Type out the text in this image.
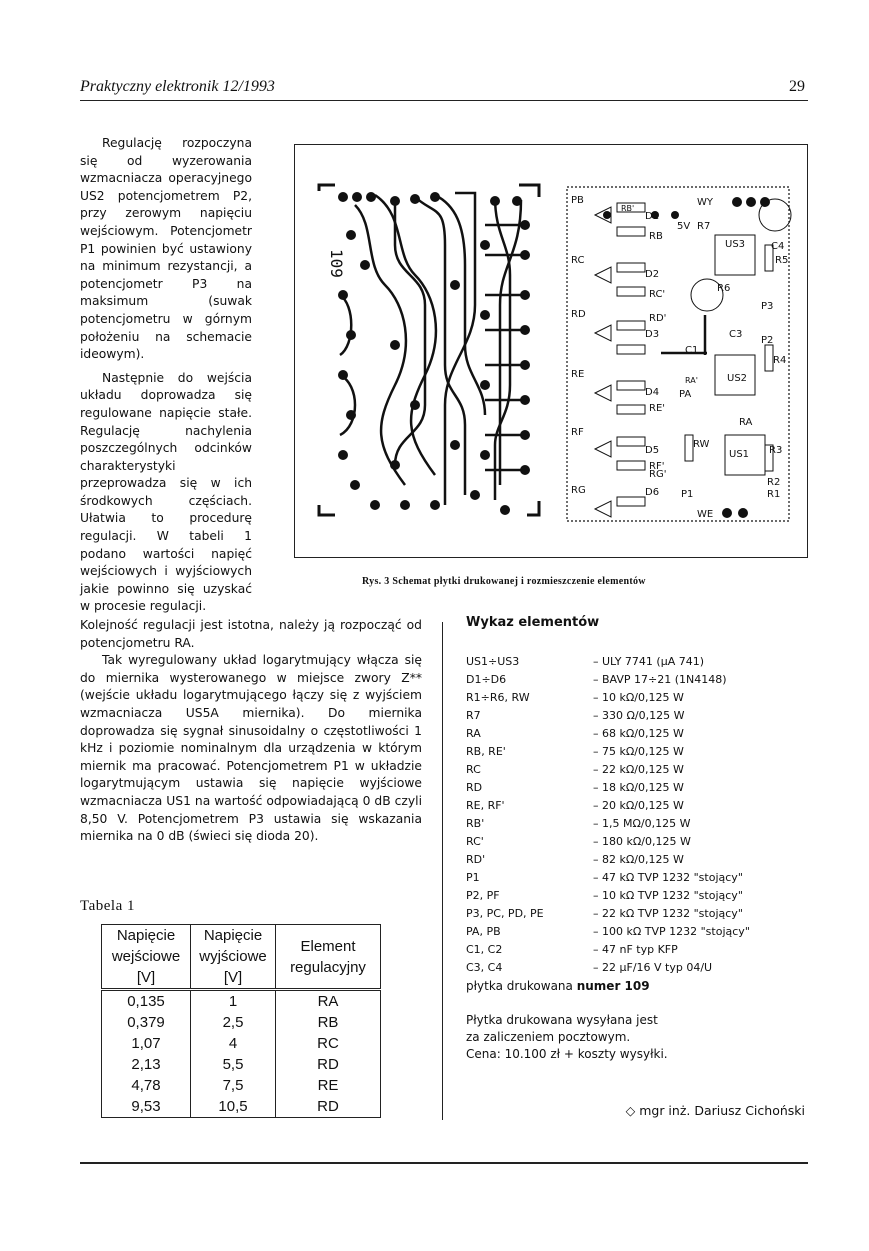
Praktyczny elektronik 12/1993	29

Regulację rozpoczyna się od wyzerowania wzmacniacza operacyjnego US2 potencjometrem P2, przy zerowym napięciu wejściowym. Potencjometr P1 powinien być ustawiony na minimum rezystancji, a potencjometr P3 na maksimum (suwak potencjometru w górnym położeniu na schemacie ideowym).

Następnie do wejścia układu doprowadza się regulowane napięcie stałe. Regulację nachylenia poszczególnych odcinków charakterystyki przeprowadza się w ich środkowych częściach. Ułatwia to procedurę regulacji. W tabeli 1 podano wartości napięć wejściowych i wyjściowych jakie powinno się uzyskać w procesie regulacji.

109
PB
RB'
WY
5V R7
RB
US3	C4
R5
RC
D2
RC'
R6
P3
RD	RD'
D3
C1
C3
P2
R4
RE
D4
RE'
US2
PA
RA
RF
D5
RF'
RW
US1 R3
RG
RG'
D6 P1
R2
R1
WE
D1
RA'
Rys. 3 Schemat płytki drukowanej i rozmieszczenie elementów

Kolejność regulacji jest istotna, należy ją rozpocząć od potencjometru RA.

Tak wyregulowany układ logarytmujący włącza się do miernika wysterowanego w miejsce zwory Z** (wejście układu logarytmującego łączy się z wyjściem wzmacniacza US5A miernika). Do miernika doprowadza się sygnał sinusoidalny o częstotliwości 1 kHz i poziomie nominalnym dla urządzenia w którym miernik ma pracować. Potencjometrem P1 w układzie logarytmującym ustawia się napięcie wyjściowe wzmacniacza US1 na wartość odpowiadającą 0 dB czyli 8,50 V. Potencjometrem P3 ustawia się wskazania miernika na 0 dB (świeci się dioda 20).

Tabela 1
Napięcie wejściowe [V]	Napięcie wyjściowe [V]	Element regulacyjny
0,135	1	RA
0,379	2,5	RB
1,07	4	RC
2,13	5,5	RD
4,78	7,5	RE
9,53	10,5	RD
Wykaz elementów
US1÷US3	– ULY 7741 (μA 741)
D1÷D6	– BAVP 17÷21 (1N4148)
R1÷R6, RW	– 10 kΩ/0,125 W
R7	– 330 Ω/0,125 W
RA	– 68 kΩ/0,125 W
RB, RE'	– 75 kΩ/0,125 W
RC	– 22 kΩ/0,125 W
RD	– 18 kΩ/0,125 W
RE, RF'	– 20 kΩ/0,125 W
RB'	– 1,5 MΩ/0,125 W
RC'	– 180 kΩ/0,125 W
RD'	– 82 kΩ/0,125 W
P1	– 47 kΩ TVP 1232 "stojący"
P2, PF	– 10 kΩ TVP 1232 "stojący"
P3, PC, PD, PE	– 22 kΩ TVP 1232 "stojący"
PA, PB	– 100 kΩ TVP 1232 "stojący"
C1, C2	– 47 nF typ KFP
C3, C4	– 22 μF/16 V typ 04/U
płytka drukowana
numer 109
Płytka drukowana wysyłana jest
za zaliczeniem pocztowym.
Cena: 10.100 zł + koszty wysyłki.
◇ mgr inż. Dariusz Cichoński
